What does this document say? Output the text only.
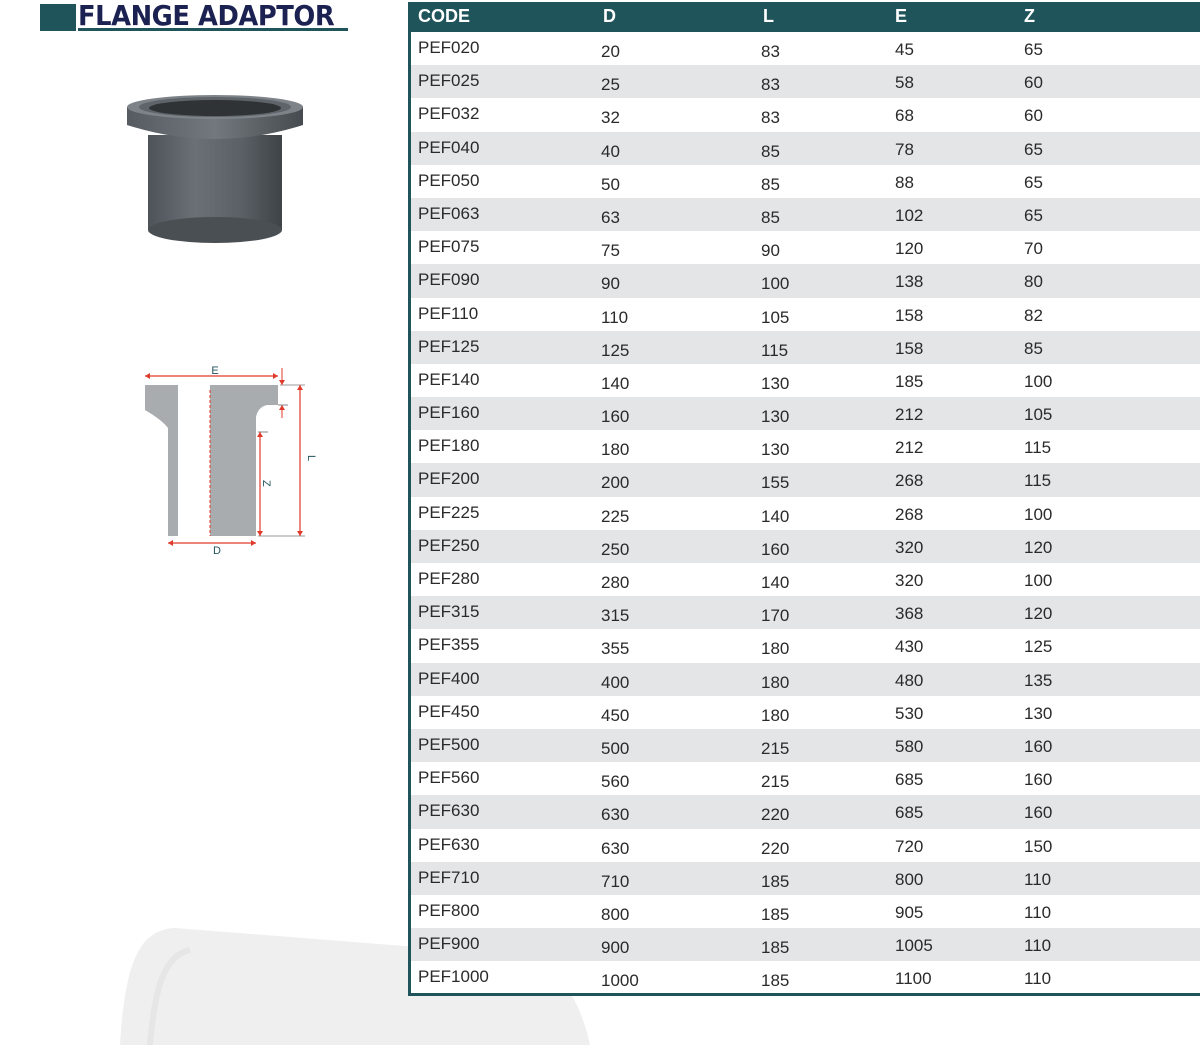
FLANGE ADAPTOR
E
D
L
Z
CODE	D	L	E	Z
PEF020	20	83	45	65
PEF025	25	83	58	60
PEF032	32	83	68	60
PEF040	40	85	78	65
PEF050	50	85	88	65
PEF063	63	85	102	65
PEF075	75	90	120	70
PEF090	90	100	138	80
PEF110	110	105	158	82
PEF125	125	115	158	85
PEF140	140	130	185	100
PEF160	160	130	212	105
PEF180	180	130	212	115
PEF200	200	155	268	115
PEF225	225	140	268	100
PEF250	250	160	320	120
PEF280	280	140	320	100
PEF315	315	170	368	120
PEF355	355	180	430	125
PEF400	400	180	480	135
PEF450	450	180	530	130
PEF500	500	215	580	160
PEF560	560	215	685	160
PEF630	630	220	685	160
PEF630	630	220	720	150
PEF710	710	185	800	110
PEF800	800	185	905	110
PEF900	900	185	1005	110
PEF1000	1000	185	1100	110
